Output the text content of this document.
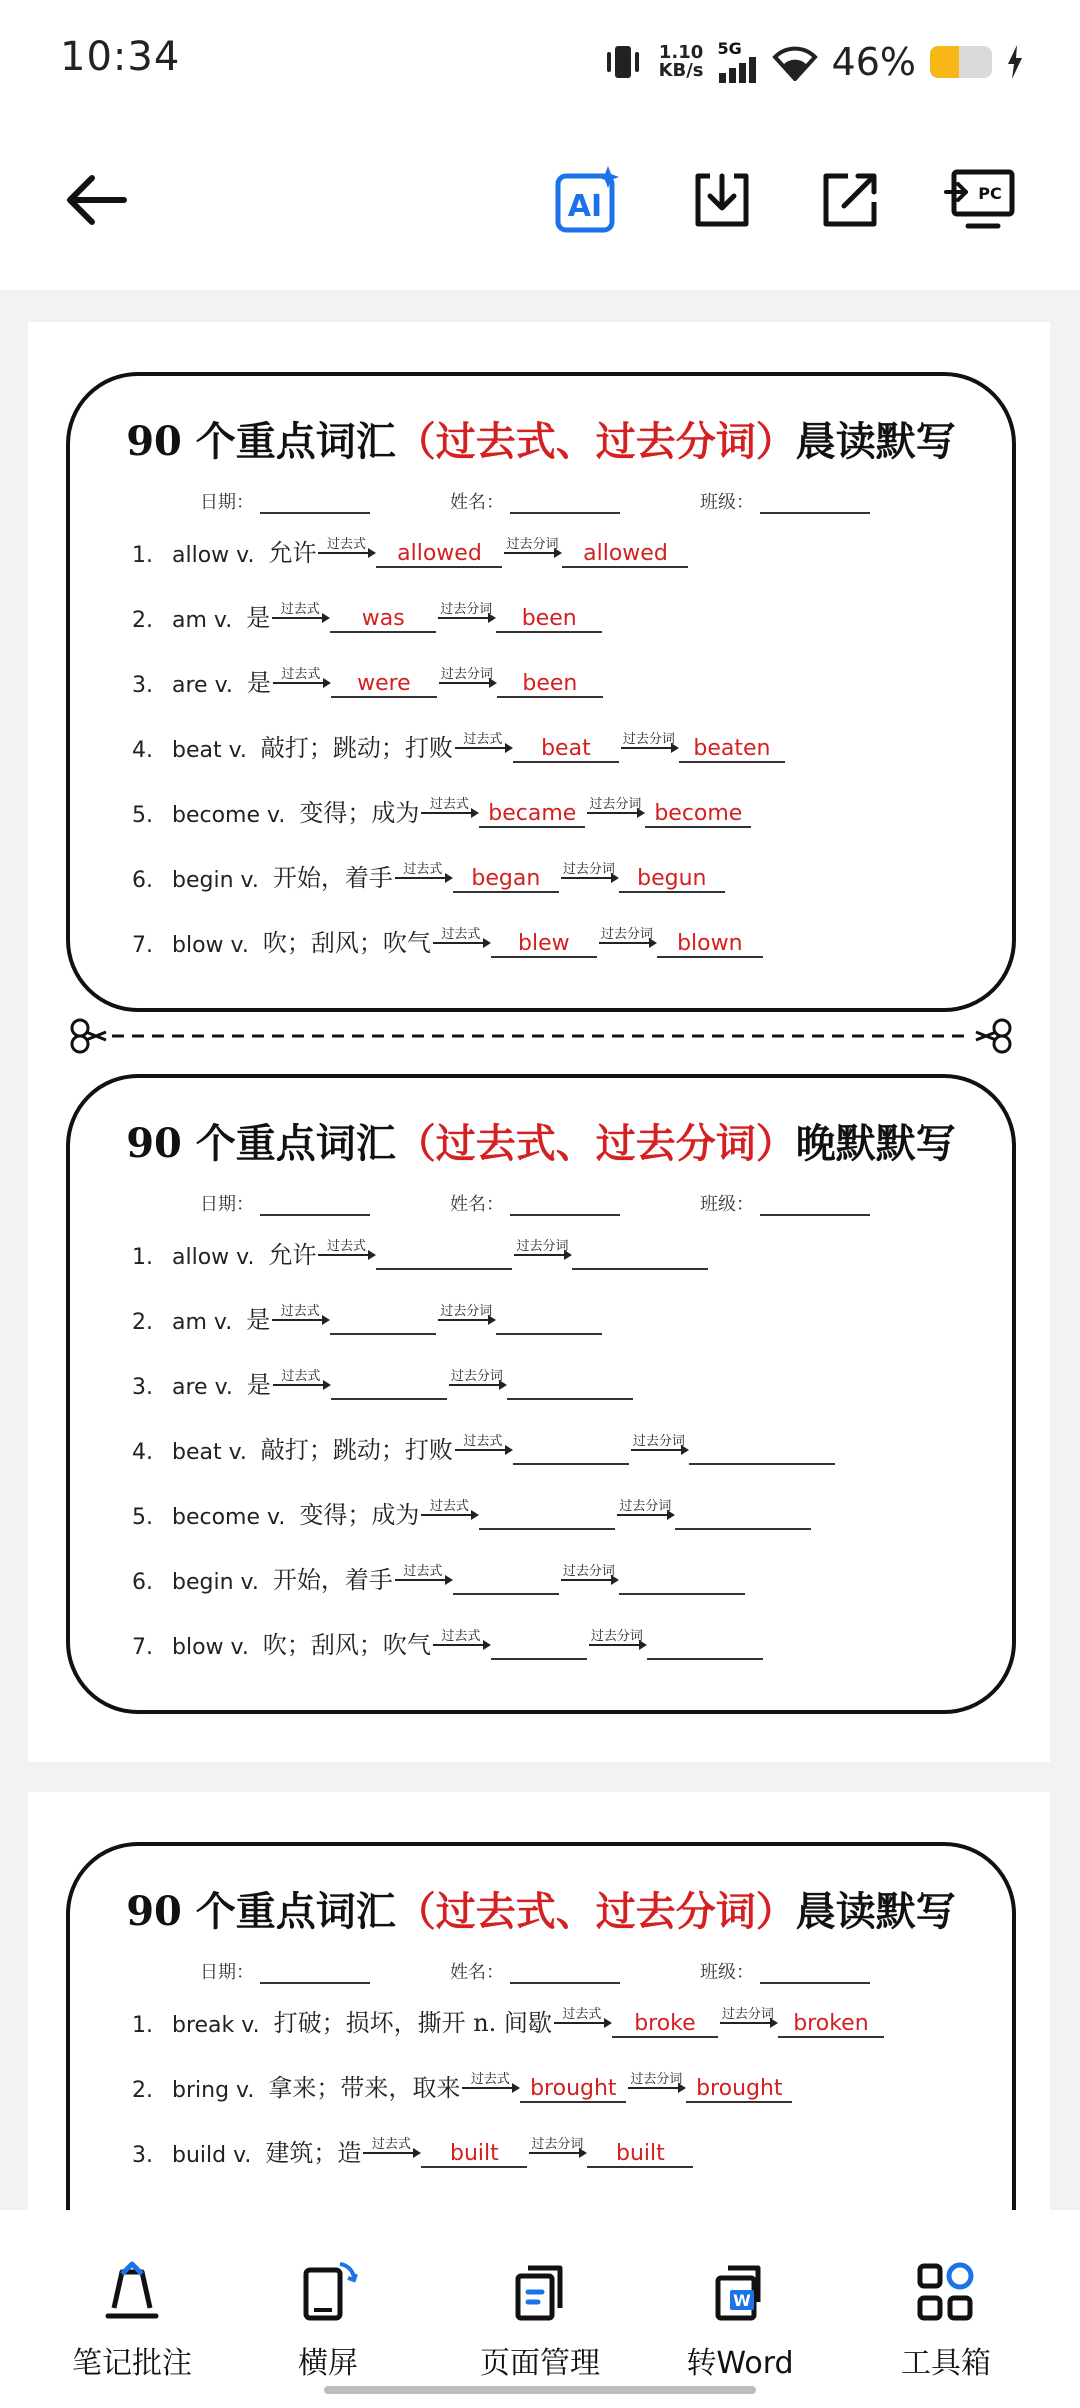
10:34	1.10
KB/s
5G 46%
AI	PC
90 个重点词汇（过去式、过去分词）晨读默写
日期：	姓名：	班级：
1. allow v. 允许 过去式	allowed	过去分词	allowed
2. am v. 是 过去式	was	过去分词	been
3. are v. 是 过去式	were	过去分词	been
4. beat v. 敲打；跳动；打败 过去式	beat	过去分词 beaten
5. become v. 变得；成为 过去式 became 过去分词 become
6. begin v. 开始，着手 过去式	began	过去分词	begun
7. blow v. 吹；刮风；吹气 过去式	blew	过去分词	blown
90 个重点词汇（过去式、过去分词）晚默默写
日期：	姓名：	班级：
1. allow v. 允许 过去式	过去分词
2. am v. 是 过去式	过去分词
3. are v. 是 过去式	过去分词
4. beat v. 敲打；跳动；打败 过去式	过去分词
5. become v. 变得；成为 过去式	过去分词
6. begin v. 开始，着手 过去式	过去分词
7. blow v. 吹；刮风；吹气 过去式	过去分词
90 个重点词汇（过去式、过去分词）晨读默写
日期：	姓名：	班级：
1. break v. 打破；损坏，撕开 n. 间歇 过去式	broke	过去分词 broken
2. bring v. 拿来；带来，取来 过去式 brought	过去分词 brought
3. build v. 建筑；造 过去式	built	过去分词	built
笔记批注	横屏	页面管理
W
转Word	工具箱
